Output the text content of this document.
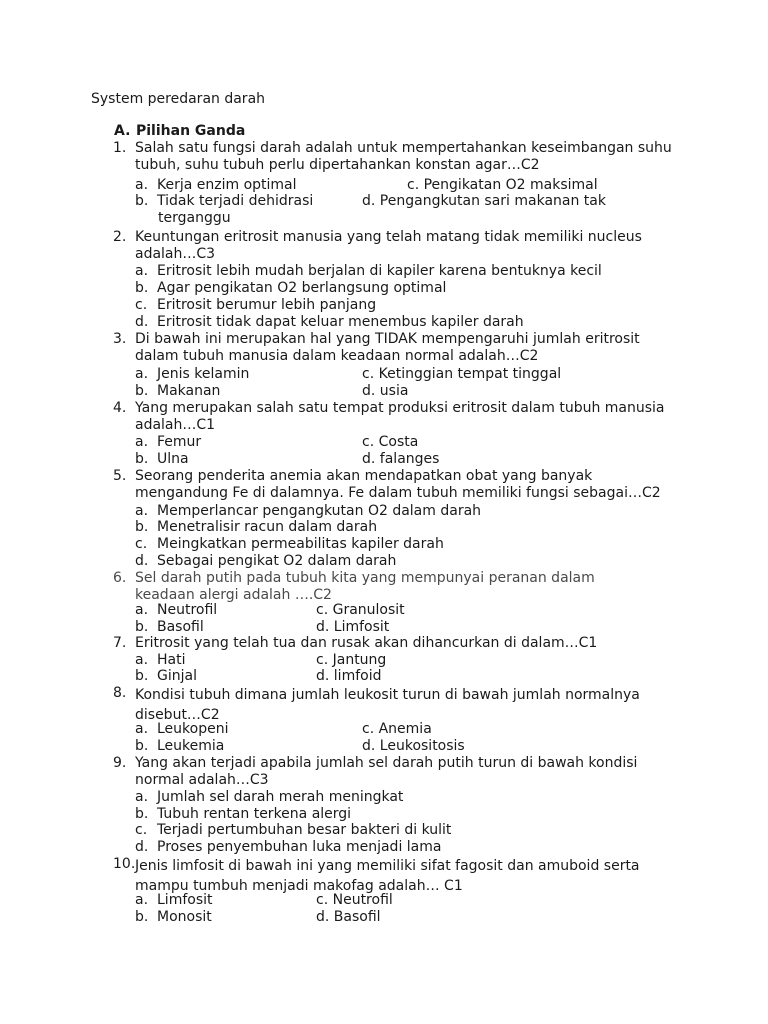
System peredaran darah
A. Pilihan Ganda
1. Salah satu fungsi darah adalah untuk mempertahankan keseimbangan suhu
tubuh, suhu tubuh perlu dipertahankan konstan agar…C2
a. Kerja enzim optimal	c. Pengikatan O2 maksimal
b. Tidak terjadi dehidrasi	d. Pengangkutan sari makanan tak
terganggu
2. Keuntungan eritrosit manusia yang telah matang tidak memiliki nucleus
adalah…C3
a. Eritrosit lebih mudah berjalan di kapiler karena bentuknya kecil
b. Agar pengikatan O2 berlangsung optimal
c. Eritrosit berumur lebih panjang
d. Eritrosit tidak dapat keluar menembus kapiler darah
3. Di bawah ini merupakan hal yang TIDAK mempengaruhi jumlah eritrosit
dalam tubuh manusia dalam keadaan normal adalah…C2
a. Jenis kelamin	c. Ketinggian tempat tinggal
b. Makanan	d. usia
4. Yang merupakan salah satu tempat produksi eritrosit dalam tubuh manusia
adalah…C1
a. Femur	c. Costa
b. Ulna	d. falanges
5. Seorang penderita anemia akan mendapatkan obat yang banyak
mengandung Fe di dalamnya. Fe dalam tubuh memiliki fungsi sebagai…C2
a. Memperlancar pengangkutan O2 dalam darah
b. Menetralisir racun dalam darah
c. Meingkatkan permeabilitas kapiler darah
d. Sebagai pengikat O2 dalam darah
6. Sel darah putih pada tubuh kita yang mempunyai peranan dalam
keadaan alergi adalah ….C2
a. Neutrofil	c. Granulosit
b. Basofil	d. Limfosit
7. Eritrosit yang telah tua dan rusak akan dihancurkan di dalam…C1
a. Hati	c. Jantung
b. Ginjal	d. limfoid
8. Kondisi tubuh dimana jumlah leukosit turun di bawah jumlah normalnya
disebut…C2
a. Leukopeni	c. Anemia
b. Leukemia	d. Leukositosis
9. Yang akan terjadi apabila jumlah sel darah putih turun di bawah kondisi
normal adalah…C3
a. Jumlah sel darah merah meningkat
b. Tubuh rentan terkena alergi
c. Terjadi pertumbuhan besar bakteri di kulit
d. Proses penyembuhan luka menjadi lama
10. Jenis limfosit di bawah ini yang memiliki sifat fagosit dan amuboid serta
mampu tumbuh menjadi makofag adalah… C1
a. Limfosit	c. Neutrofil
b. Monosit	d. Basofil
